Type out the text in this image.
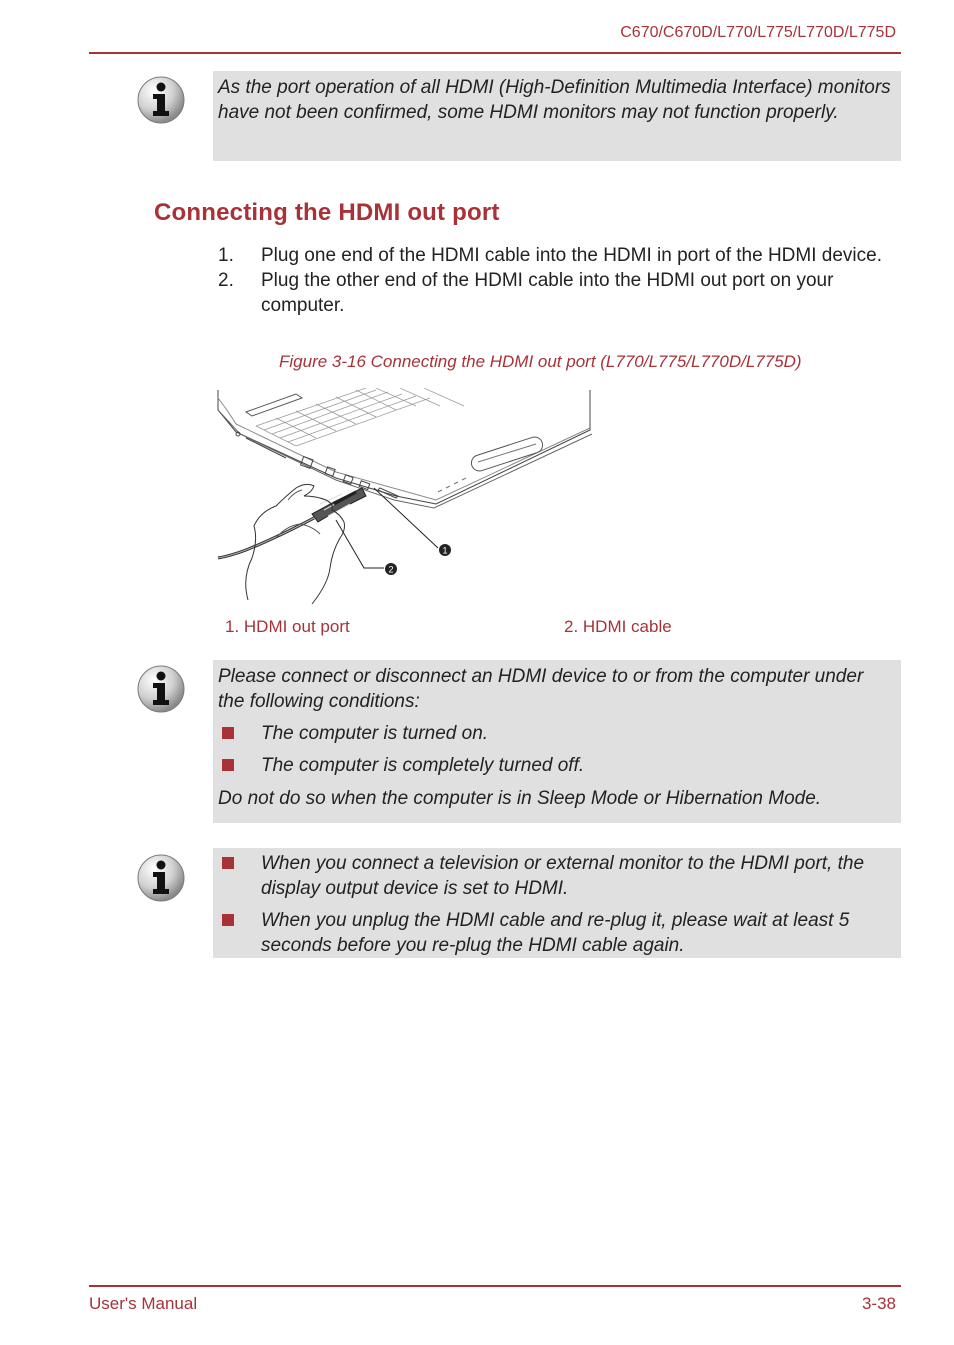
C670/C670D/L770/L775/L770D/L775D

As the port operation of all HDMI (High-Definition Multimedia Interface) monitors have not been confirmed, some HDMI monitors may not function properly.

Connecting the HDMI out port
1. Plug one end of the HDMI cable into the HDMI in port of the HDMI device.
2. Plug the other end of the HDMI cable into the HDMI out port on your computer.
Figure 3-16 Connecting the HDMI out port (L770/L775/L770D/L775D)
1
2
1. HDMI out port	2. HDMI cable

Please connect or disconnect an HDMI device to or from the computer under the following conditions:

The computer is turned on.
The computer is completely turned off.

Do not do so when the computer is in Sleep Mode or Hibernation Mode.

When you connect a television or external monitor to the HDMI port, the display output device is set to HDMI.
When you unplug the HDMI cable and re-plug it, please wait at least 5 seconds before you re-plug the HDMI cable again.
User's Manual	3-38
